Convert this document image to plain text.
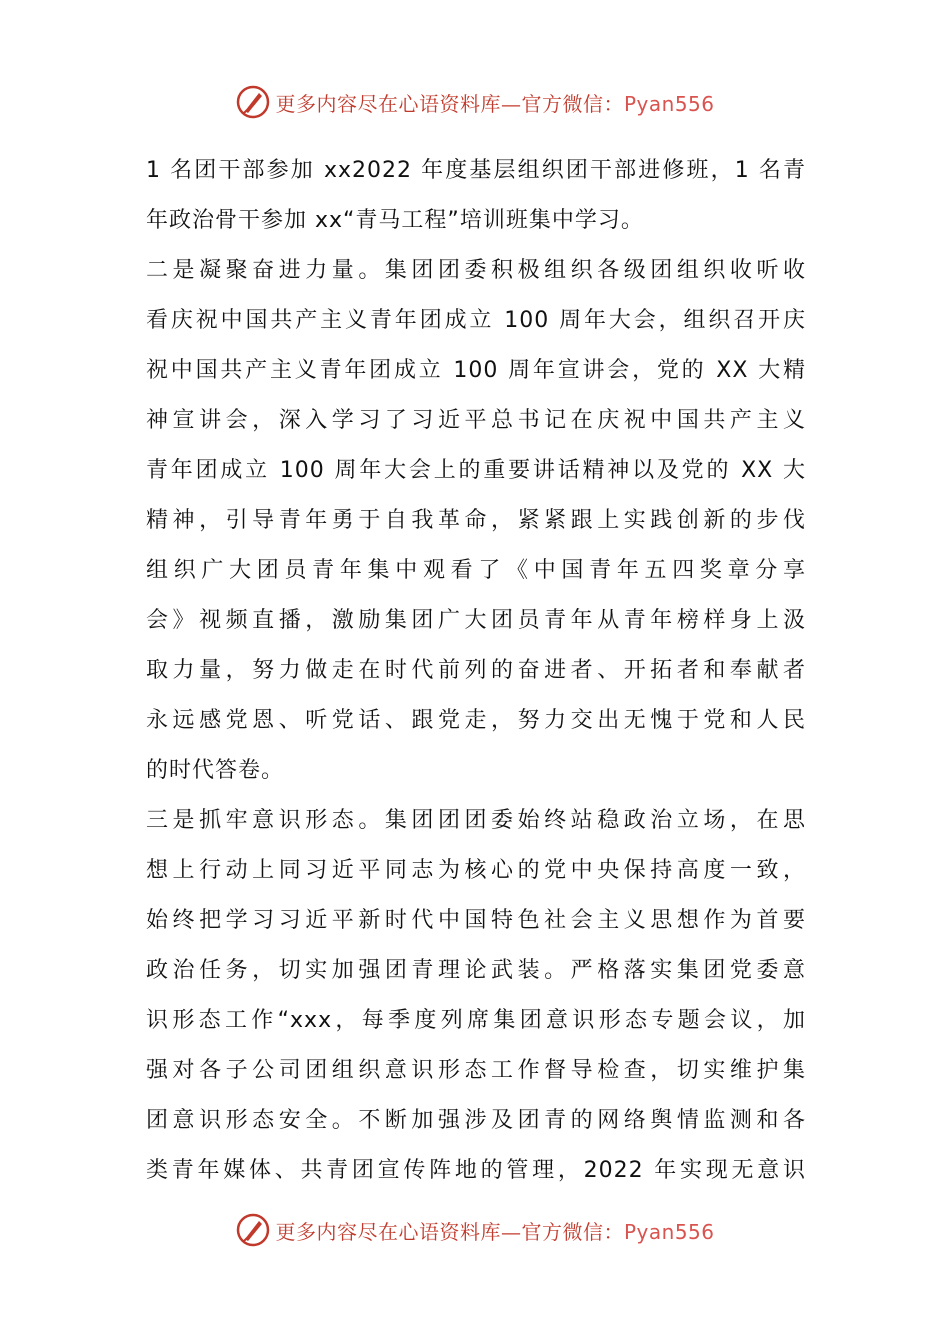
更多内容尽在心语资料库—官方微信：Pyan556
1 名团干部参加 xx2022 年度基层组织团干部进修班，1 名青
年政治骨干参加 xx“青马工程”培训班集中学习。
二是凝聚奋进力量。集团团委积极组织各级团组织收听收
看庆祝中国共产主义青年团成立 100 周年大会，组织召开庆
祝中国共产主义青年团成立 100 周年宣讲会，党的 XX 大精
神宣讲会，深入学习了习近平总书记在庆祝中国共产主义
青年团成立 100 周年大会上的重要讲话精神以及党的 XX 大
精神，引导青年勇于自我革命，紧紧跟上实践创新的步伐
组织广大团员青年集中观看了《中国青年五四奖章分享
会》视频直播，激励集团广大团员青年从青年榜样身上汲
取力量，努力做走在时代前列的奋进者、开拓者和奉献者
永远感党恩、听党话、跟党走，努力交出无愧于党和人民
的时代答卷。
三是抓牢意识形态。集团团团委始终站稳政治立场，在思
想上行动上同习近平同志为核心的党中央保持高度一致，
始终把学习习近平新时代中国特色社会主义思想作为首要
政治任务，切实加强团青理论武装。严格落实集团党委意
识形态工作“xxx，每季度列席集团意识形态专题会议，加
强对各子公司团组织意识形态工作督导检查，切实维护集
团意识形态安全。不断加强涉及团青的网络舆情监测和各
类青年媒体、共青团宣传阵地的管理，2022 年实现无意识
更多内容尽在心语资料库—官方微信：Pyan556
